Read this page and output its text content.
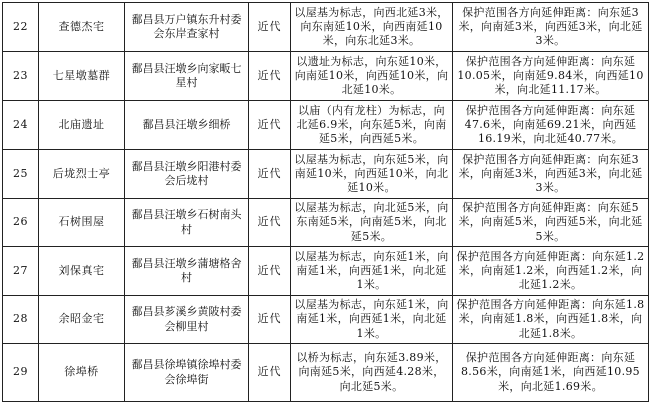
22	查德杰宅	鄱昌县万户镇东升村委会东岸查家村	近代	以屋基为标志，向西北延3米，向东南延10米，向西南延10米，向东北延3米。	保护范围各方向延伸距离：向东延3米，向南延3米，向西延3米，向北延3米。
23	七星墩墓群	鄱昌县汪墩乡向家畈七星村	近代	以遗址为标志，向东延10米，向南延10米，向西延10米，向北延10米。	保护范围各方向延伸距离：向东延10.05米，向南延9.84米，向西延10米，向北延11.17米。
24	北庙遗址	鄱昌县汪墩乡细桥	近代	以庙（内有龙柱）为标志，向北延6.9米，向东延5米，向南延5米，向西延5米。	保护范围各方向延伸距离：向东延47.6米，向南延69.21米，向西延16.19米，向北延40.77米。
25	后垅烈士亭	鄱昌县汪墩乡阳港村委会后垅村	近代	以屋基为标志，向东延5米，向南延10米，向西延10米，向北延10米。	保护范围各方向延伸距离：向东延3米，向南延3米，向西延3米，向北延3米。
26	石树围屋	鄱昌县汪墩乡石树南头村	近代	以屋基为标志，向北延5米，向东南延5米，向南延5米，向北延5米。	保护范围各方向延伸距离：向东延5米，向南延5米，向西延5米，向北延5米。
27	刘保真宅	鄱昌县汪墩乡蒲塘格舍村	近代	以屋基为标志，向东延1米，向南延1米，向西延1米，向北延1米。	保护范围各方向延伸距离：向东延1.2米，向南延1.2米，向西延1.2米，向北延1.2米。
28	余昭金宅	鄱昌县芗溪乡黄陂村委会柳里村	近代	以屋基为标志，向东延1米，向南延1米，向西延1米，向北延1米。	保护范围各方向延伸距离：向东延1.8米，向南延1.8米，向西延1.8米，向北延1.8米。
29	徐埠桥	鄱昌县徐埠镇徐埠村委会徐埠街	近代	以桥为标志，向东延3.89米，向南延5米，向西延4.28米，向北延5米。	保护范围各方向延伸距离：向东延8.56米，向南延1米，向西延10.95米，向北延1.69米。
